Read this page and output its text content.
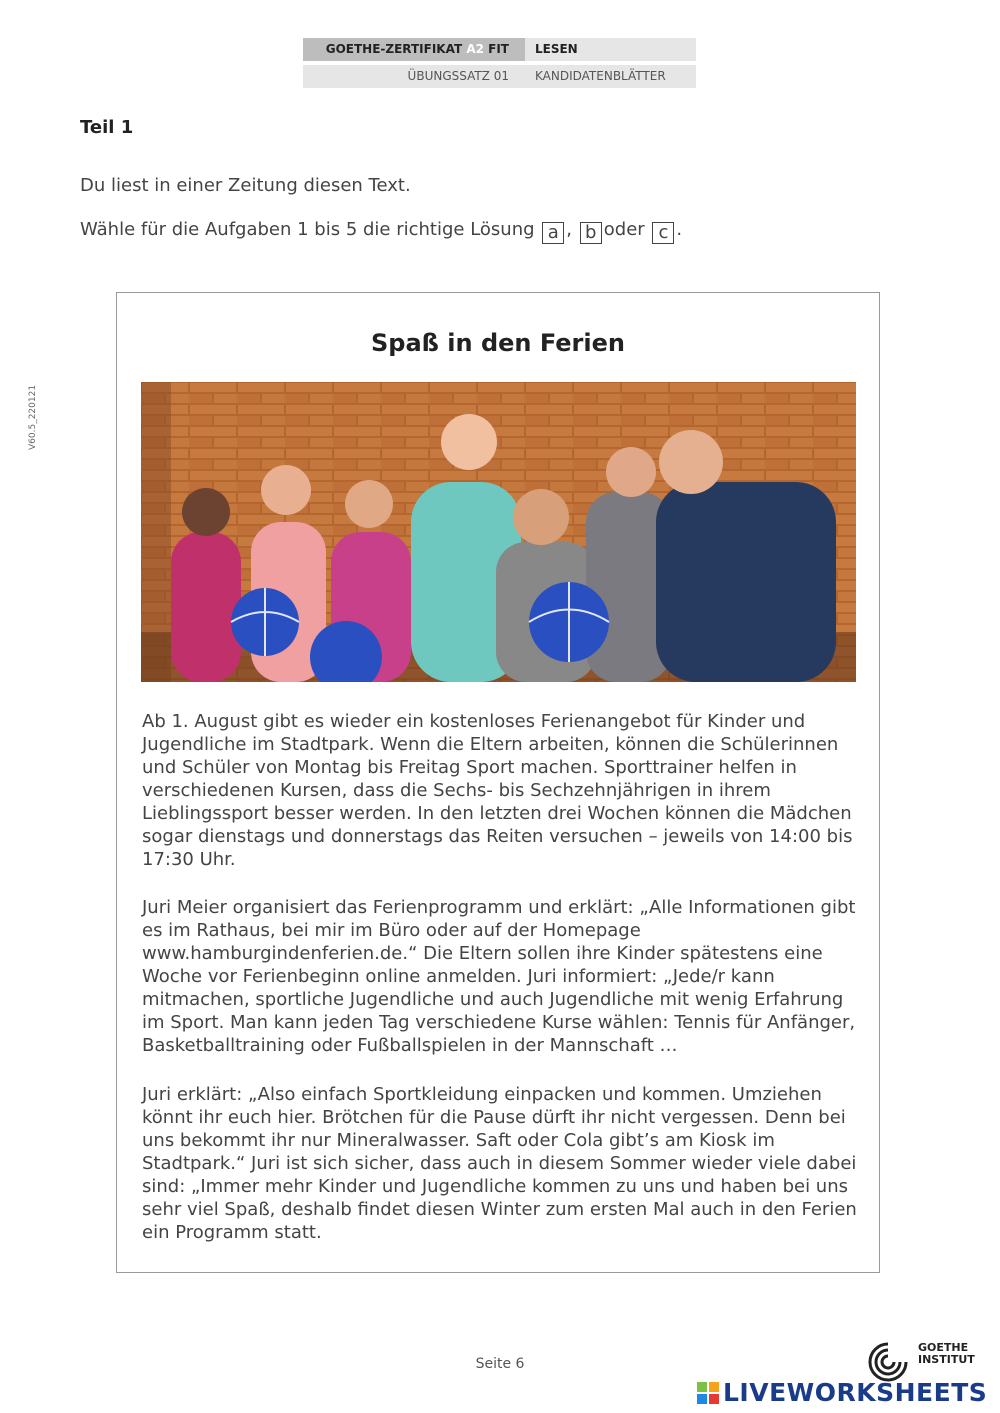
GOETHE-ZERTIFIKAT A2 FIT	LESEN
ÜBUNGSSATZ 01	KANDIDATENBLÄTTER
V60.5_220121
Teil 1
Du liest in einer Zeitung diesen Text.
Wähle für die Aufgaben 1 bis 5 die richtige Lösung a , b oder c .
Spaß in den Ferien

Ab 1. August gibt es wieder ein kostenloses Ferienangebot für Kinder und Jugendliche im Stadtpark. Wenn die Eltern arbeiten, können die Schülerinnen und Schüler von Montag bis Freitag Sport machen. Sporttrainer helfen in verschiedenen Kursen, dass die Sechs- bis Sechzehnjährigen in ihrem Lieblingssport besser werden. In den letzten drei Wochen können die Mädchen sogar dienstags und donnerstags das Reiten versuchen – jeweils von 14:00 bis 17:30 Uhr.

Juri Meier organisiert das Ferienprogramm und erklärt: „Alle Informationen gibt es im Rathaus, bei mir im Büro oder auf der Homepage www.hamburgindenferien.de.“ Die Eltern sollen ihre Kinder spätestens eine Woche vor Ferienbeginn online anmelden. Juri informiert: „Jede/r kann mitmachen, sportliche Jugendliche und auch Jugendliche mit wenig Erfahrung im Sport. Man kann jeden Tag verschiedene Kurse wählen: Tennis für Anfänger, Basketballtraining oder Fußballspielen in der Mannschaft …

Juri erklärt: „Also einfach Sportkleidung einpacken und kommen. Umziehen könnt ihr euch hier. Brötchen für die Pause dürft ihr nicht vergessen. Denn bei uns bekommt ihr nur Mineralwasser. Saft oder Cola gibt’s am Kiosk im Stadtpark.“ Juri ist sich sicher, dass auch in diesem Sommer wieder viele dabei sind: „Immer mehr Kinder und Jugendliche kommen zu uns und haben bei uns sehr viel Spaß, deshalb findet diesen Winter zum ersten Mal auch in den Ferien ein Programm statt.

Seite 6
GOETHE
INSTITUT
LIVEWORKSHEETS
